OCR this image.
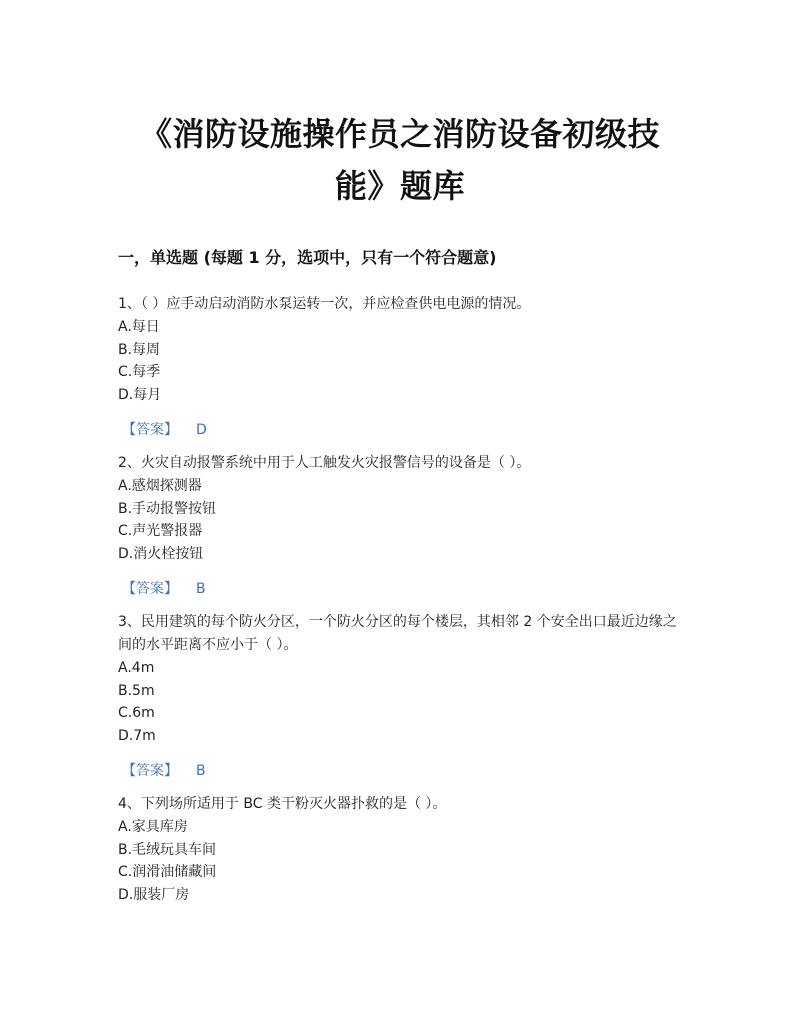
《消防设施操作员之消防设备初级技能》题库
一，单选题 (每题 1 分，选项中，只有一个符合题意)

1、（ ）应手动启动消防水泵运转一次，并应检查供电电源的情况。

A.每日
B.每周
C.每季
D.每月
【答案】 D

2、火灾自动报警系统中用于人工触发火灾报警信号的设备是（ ）。

A.感烟探测器
B.手动报警按钮
C.声光警报器
D.消火栓按钮
【答案】 B

3、民用建筑的每个防火分区，一个防火分区的每个楼层，其相邻 2 个安全出口最近边缘之间的水平距离不应小于（ ）。

A.4m
B.5m
C.6m
D.7m
【答案】 B

4、下列场所适用于 BC 类干粉灭火器扑救的是（ ）。

A.家具库房
B.毛绒玩具车间
C.润滑油储藏间
D.服装厂房
